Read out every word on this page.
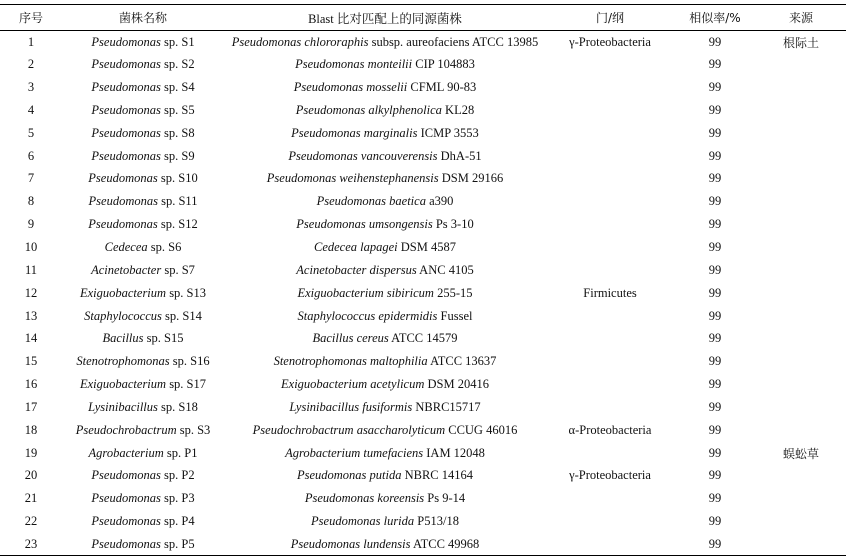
序号	菌株名称	Blast 比对匹配上的同源菌株	门/纲	相似率/%	来源
1	Pseudomonas sp. S1	Pseudomonas chlororaphis subsp. aureofaciens ATCC 13985	γ-Proteobacteria	99	根际土
2	Pseudomonas sp. S2	Pseudomonas monteilii CIP 104883		99	
3	Pseudomonas sp. S4	Pseudomonas mosselii CFML 90-83		99	
4	Pseudomonas sp. S5	Pseudomonas alkylphenolica KL28		99	
5	Pseudomonas sp. S8	Pseudomonas marginalis ICMP 3553		99	
6	Pseudomonas sp. S9	Pseudomonas vancouverensis DhA-51		99	
7	Pseudomonas sp. S10	Pseudomonas weihenstephanensis DSM 29166		99	
8	Pseudomonas sp. S11	Pseudomonas baetica a390		99	
9	Pseudomonas sp. S12	Pseudomonas umsongensis Ps 3-10		99	
10	Cedecea sp. S6	Cedecea lapagei DSM 4587		99	
11	Acinetobacter sp. S7	Acinetobacter dispersus ANC 4105		99	
12	Exiguobacterium sp. S13	Exiguobacterium sibiricum 255-15	Firmicutes	99	
13	Staphylococcus sp. S14	Staphylococcus epidermidis Fussel		99	
14	Bacillus sp. S15	Bacillus cereus ATCC 14579		99	
15	Stenotrophomonas sp. S16	Stenotrophomonas maltophilia ATCC 13637		99	
16	Exiguobacterium sp. S17	Exiguobacterium acetylicum DSM 20416		99	
17	Lysinibacillus sp. S18	Lysinibacillus fusiformis NBRC15717		99	
18	Pseudochrobactrum sp. S3	Pseudochrobactrum asaccharolyticum CCUG 46016	α-Proteobacteria	99	
19	Agrobacterium sp. P1	Agrobacterium tumefaciens IAM 12048		99	蜈蚣草
20	Pseudomonas sp. P2	Pseudomonas putida NBRC 14164	γ-Proteobacteria	99	
21	Pseudomonas sp. P3	Pseudomonas koreensis Ps 9-14		99	
22	Pseudomonas sp. P4	Pseudomonas lurida P513/18		99	
23	Pseudomonas sp. P5	Pseudomonas lundensis ATCC 49968		99	
